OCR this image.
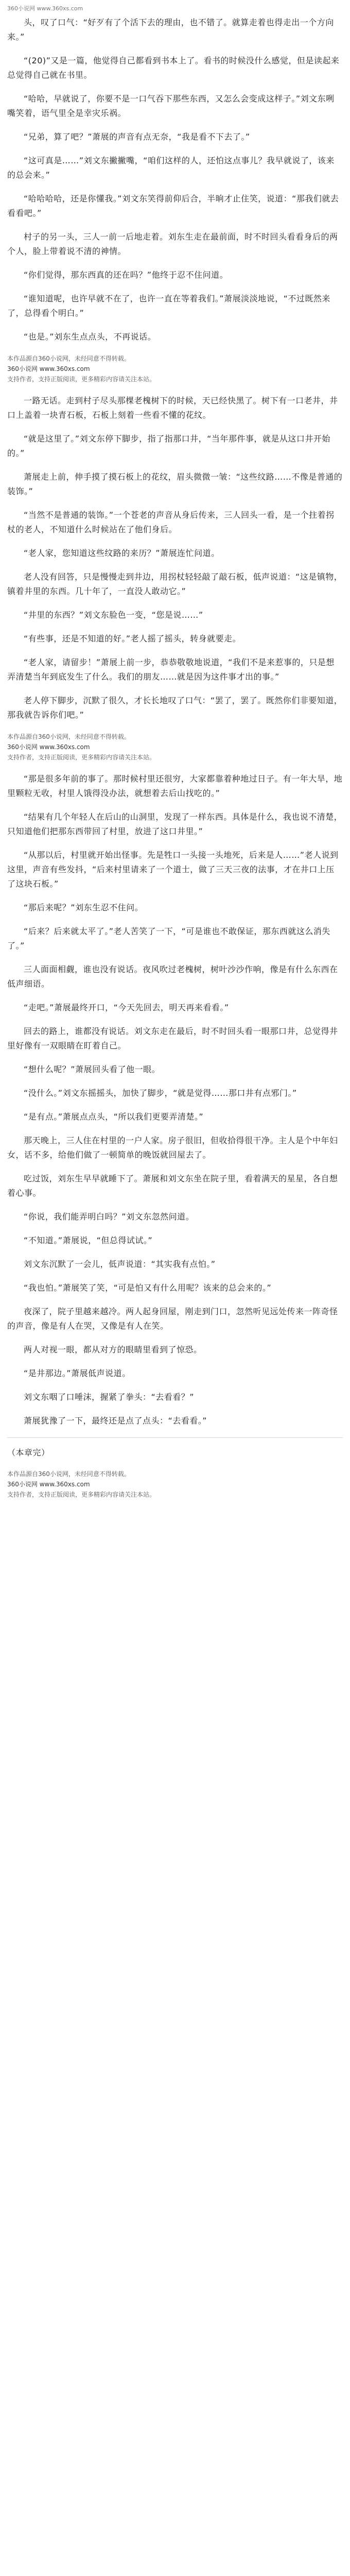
360小说网 www.360xs.com

头，叹了口气：“好歹有了个活下去的理由，也不错了。就算走着也得走出一个方向来。”

“(20)”又是一篇，他觉得自己都看到书本上了。看书的时候没什么感觉，但是读起来总觉得自己就在书里。

“哈哈，早就说了，你要不是一口气吞下那些东西，又怎么会变成这样子。”刘文东咧嘴笑着，语气里全是幸灾乐祸。

“兄弟，算了吧？”萧展的声音有点无奈，“我是看不下去了。”

“这可真是……”刘文东撇撇嘴，“咱们这样的人，还怕这点事儿？我早就说了，该来的总会来。”

“哈哈哈哈，还是你懂我。”刘文东笑得前仰后合，半晌才止住笑，说道：“那我们就去看看吧。”

村子的另一头，三人一前一后地走着。刘东生走在最前面，时不时回头看看身后的两个人，脸上带着说不清的神情。

“你们觉得，那东西真的还在吗？”他终于忍不住问道。

“谁知道呢，也许早就不在了，也许一直在等着我们。”萧展淡淡地说，“不过既然来了，总得看个明白。”

“也是。”刘东生点点头，不再说话。

本作品源自360小说网，未经同意不得转载。
360小说网 www.360xs.com
支持作者，支持正版阅读，更多精彩内容请关注本站。

一路无话。走到村子尽头那棵老槐树下的时候，天已经快黑了。树下有一口老井，井口上盖着一块青石板，石板上刻着一些看不懂的花纹。

“就是这里了。”刘文东停下脚步，指了指那口井，“当年那件事，就是从这口井开始的。”

萧展走上前，伸手摸了摸石板上的花纹，眉头微微一皱：“这些纹路……不像是普通的装饰。”

“当然不是普通的装饰。”一个苍老的声音从身后传来，三人回头一看，是一个拄着拐杖的老人，不知道什么时候站在了他们身后。

“老人家，您知道这些纹路的来历？”萧展连忙问道。

老人没有回答，只是慢慢走到井边，用拐杖轻轻敲了敲石板，低声说道：“这是镇物，镇着井里的东西。几十年了，一直没人敢动它。”

“井里的东西？”刘文东脸色一变，“您是说……”

“有些事，还是不知道的好。”老人摇了摇头，转身就要走。

“老人家，请留步！”萧展上前一步，恭恭敬敬地说道，“我们不是来惹事的，只是想弄清楚当年到底发生了什么。我们的朋友……就是因为这件事才出的事。”

老人停下脚步，沉默了很久，才长长地叹了口气：“罢了，罢了。既然你们非要知道，那我就告诉你们吧。”

本作品源自360小说网，未经同意不得转载。
360小说网 www.360xs.com
支持作者，支持正版阅读，更多精彩内容请关注本站。

“那是很多年前的事了。那时候村里还很穷，大家都靠着种地过日子。有一年大旱，地里颗粒无收，村里人饿得没办法，就想着去后山找吃的。”

“结果有几个年轻人在后山的山洞里，发现了一样东西。具体是什么，我也说不清楚，只知道他们把那东西带回了村里，放进了这口井里。”

“从那以后，村里就开始出怪事。先是牲口一头接一头地死，后来是人……”老人说到这里，声音有些发抖，“后来村里请来了一个道士，做了三天三夜的法事，才在井口上压了这块石板。”

“那后来呢？”刘东生忍不住问。

“后来？后来就太平了。”老人苦笑了一下，“可是谁也不敢保证，那东西就这么消失了。”

三人面面相觑，谁也没有说话。夜风吹过老槐树，树叶沙沙作响，像是有什么东西在低声细语。

“走吧。”萧展最终开口，“今天先回去，明天再来看看。”

回去的路上，谁都没有说话。刘文东走在最后，时不时回头看一眼那口井，总觉得井里好像有一双眼睛在盯着自己。

“想什么呢？”萧展回头看了他一眼。

“没什么。”刘文东摇摇头，加快了脚步，“就是觉得……那口井有点邪门。”

“是有点。”萧展点点头，“所以我们更要弄清楚。”

那天晚上，三人住在村里的一户人家。房子很旧，但收拾得很干净。主人是个中年妇女，话不多，给他们做了一顿简单的晚饭就回屋去了。

吃过饭，刘东生早早就睡下了。萧展和刘文东坐在院子里，看着满天的星星，各自想着心事。

“你说，我们能弄明白吗？”刘文东忽然问道。

“不知道。”萧展说，“但总得试试。”

刘文东沉默了一会儿，低声说道：“其实我有点怕。”

“我也怕。”萧展笑了笑，“可是怕又有什么用呢？该来的总会来的。”

夜深了，院子里越来越冷。两人起身回屋，刚走到门口，忽然听见远处传来一阵奇怪的声音，像是有人在哭，又像是有人在笑。

两人对视一眼，都从对方的眼睛里看到了惊恐。

“是井那边。”萧展低声说道。

刘文东咽了口唾沫，握紧了拳头：“去看看？”

萧展犹豫了一下，最终还是点了点头：“去看看。”

（本章完）

本作品源自360小说网，未经同意不得转载。
360小说网 www.360xs.com
支持作者，支持正版阅读，更多精彩内容请关注本站。
